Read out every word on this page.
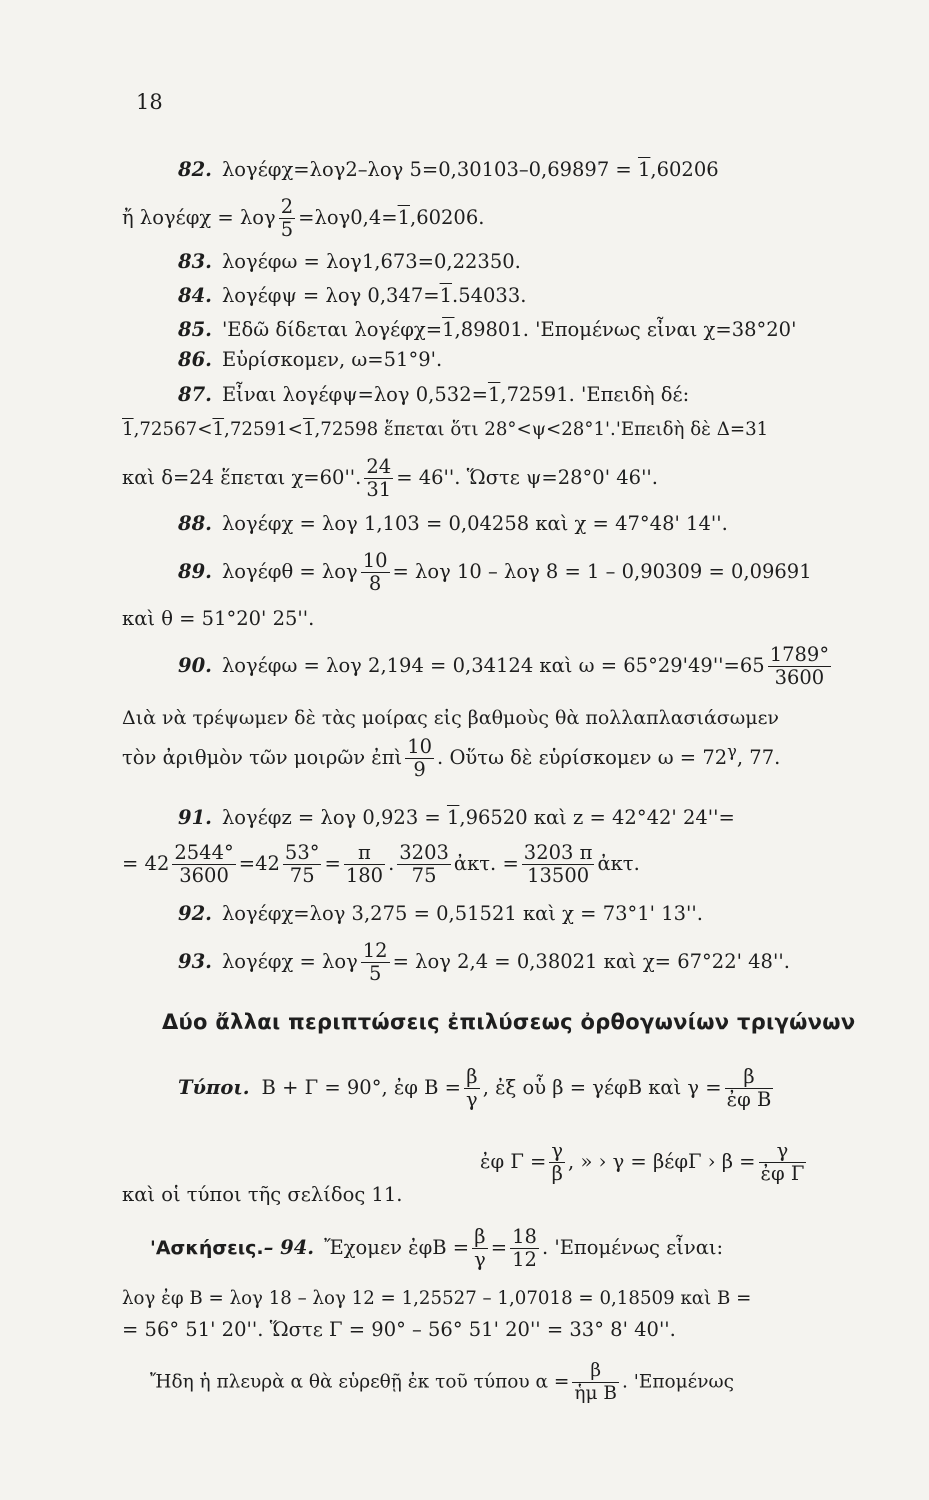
18
82. λογέφχ=λογ2–λογ 5=0,30103–0,69897 = 1,60206
ἤ λογέφχ = λογ $\frac{2}{5} =\lambda o\gamma 0,4=1,60206$.
83. λογέφω = λογ1,673=0,22350.
84. λογέφψ = λογ 0,347=1.54033.
85. 'Εδῶ δίδεται λογέφχ=1,89801. 'Επομένως εἶναι χ=38°20'
86. Εὑρίσκομεν, ω=51°9'.
87. Εἶναι λογέφψ=λογ 0,532=1,72591. 'Επειδὴ δέ:
1,72567<1,72591<1,72598 ἕπεται ὅτι 28°<ψ<28°1'.'Επειδὴ δὲ Δ=31
καὶ δ=24 ἕπεται χ=60''. $\frac{24}{31} = 46''$. Ὥστε ψ=28°0' 46''.
88. λογέφχ = λογ 1,103 = 0,04258 καὶ χ = 47°48' 14''.
89. λογέφθ = λογ $\frac{10}{8} = \lambda o\gamma$ 10 – λογ 8 = 1 – 0,90309 = 0,09691
καὶ θ = 51°20' 25''.
90. λογέφω = λογ 2,194 = 0,34124 καὶ $\omega = 65^\circ 29'49''=65 \frac{1789^\circ}{3600}$
Διὰ νὰ τρέψωμεν δὲ τὰς μοίρας εἰς βαθμοὺς θὰ πολλαπλασιάσωμεν
τὸν ἀριθμὸν τῶν μοιρῶν ἐπὶ $\frac{10}{9}$ . Οὕτω δὲ εὑρίσκομεν $\omega = 72^\gamma$, 77.
91. λογέφz = λογ 0,923 = 1,96520 καὶ z = 42°42' 24''=
= $42 \frac{2544^\circ}{3600} =42 \frac{53^\circ}{75} = \frac{\pi}{180}$ . $\frac{3203}{75}$ ἀκτ. = $\frac{3203 \pi}{13500}$ ἀκτ.
92. λογέφχ=λογ 3,275 = 0,51521 καὶ χ = 73°1' 13''.
93. λογέφχ = λογ $\frac{12}{5} = \lambda o\gamma$ 2,4 = 0,38021 καὶ χ= 67°22' 48''.
Δύο ἄλλαι περιπτώσεις ἐπιλύσεως ὀρθογωνίων τριγώνων
Τύποι. Β + Γ = 90°, ἐφ $B = \frac{\beta}{\gamma}$ , ἐξ οὗ β = γέφΒ καὶ $\gamma = \frac{\beta}{\text{ἐφ Β}}$
ἐφ $\Gamma = \frac{\gamma}{\beta}$ , » › γ = βέφΓ › $\beta = \frac{\gamma}{\text{ἐφ Γ}}$
καὶ οἱ τύποι τῆς σελίδος 11.
'Ασκήσεις.– 94. Ἔχομεν ἐφΒ = $\frac{\beta}{\gamma} = \frac{18}{12}$ . 'Επομένως εἶναι:
λογ ἐφ Β = λογ 18 – λογ 12 = 1,25527 – 1,07018 = 0,18509 καὶ Β =
= 56° 51' 20''. Ὥστε Γ = 90° – 56° 51' 20'' = 33° 8' 40''.
Ἤδη ἡ πλευρὰ α θὰ εὑρεθῇ ἐκ τοῦ τύπου $\alpha = \frac{\beta}{\text{ἡμ Β}}$ . 'Επομένως
